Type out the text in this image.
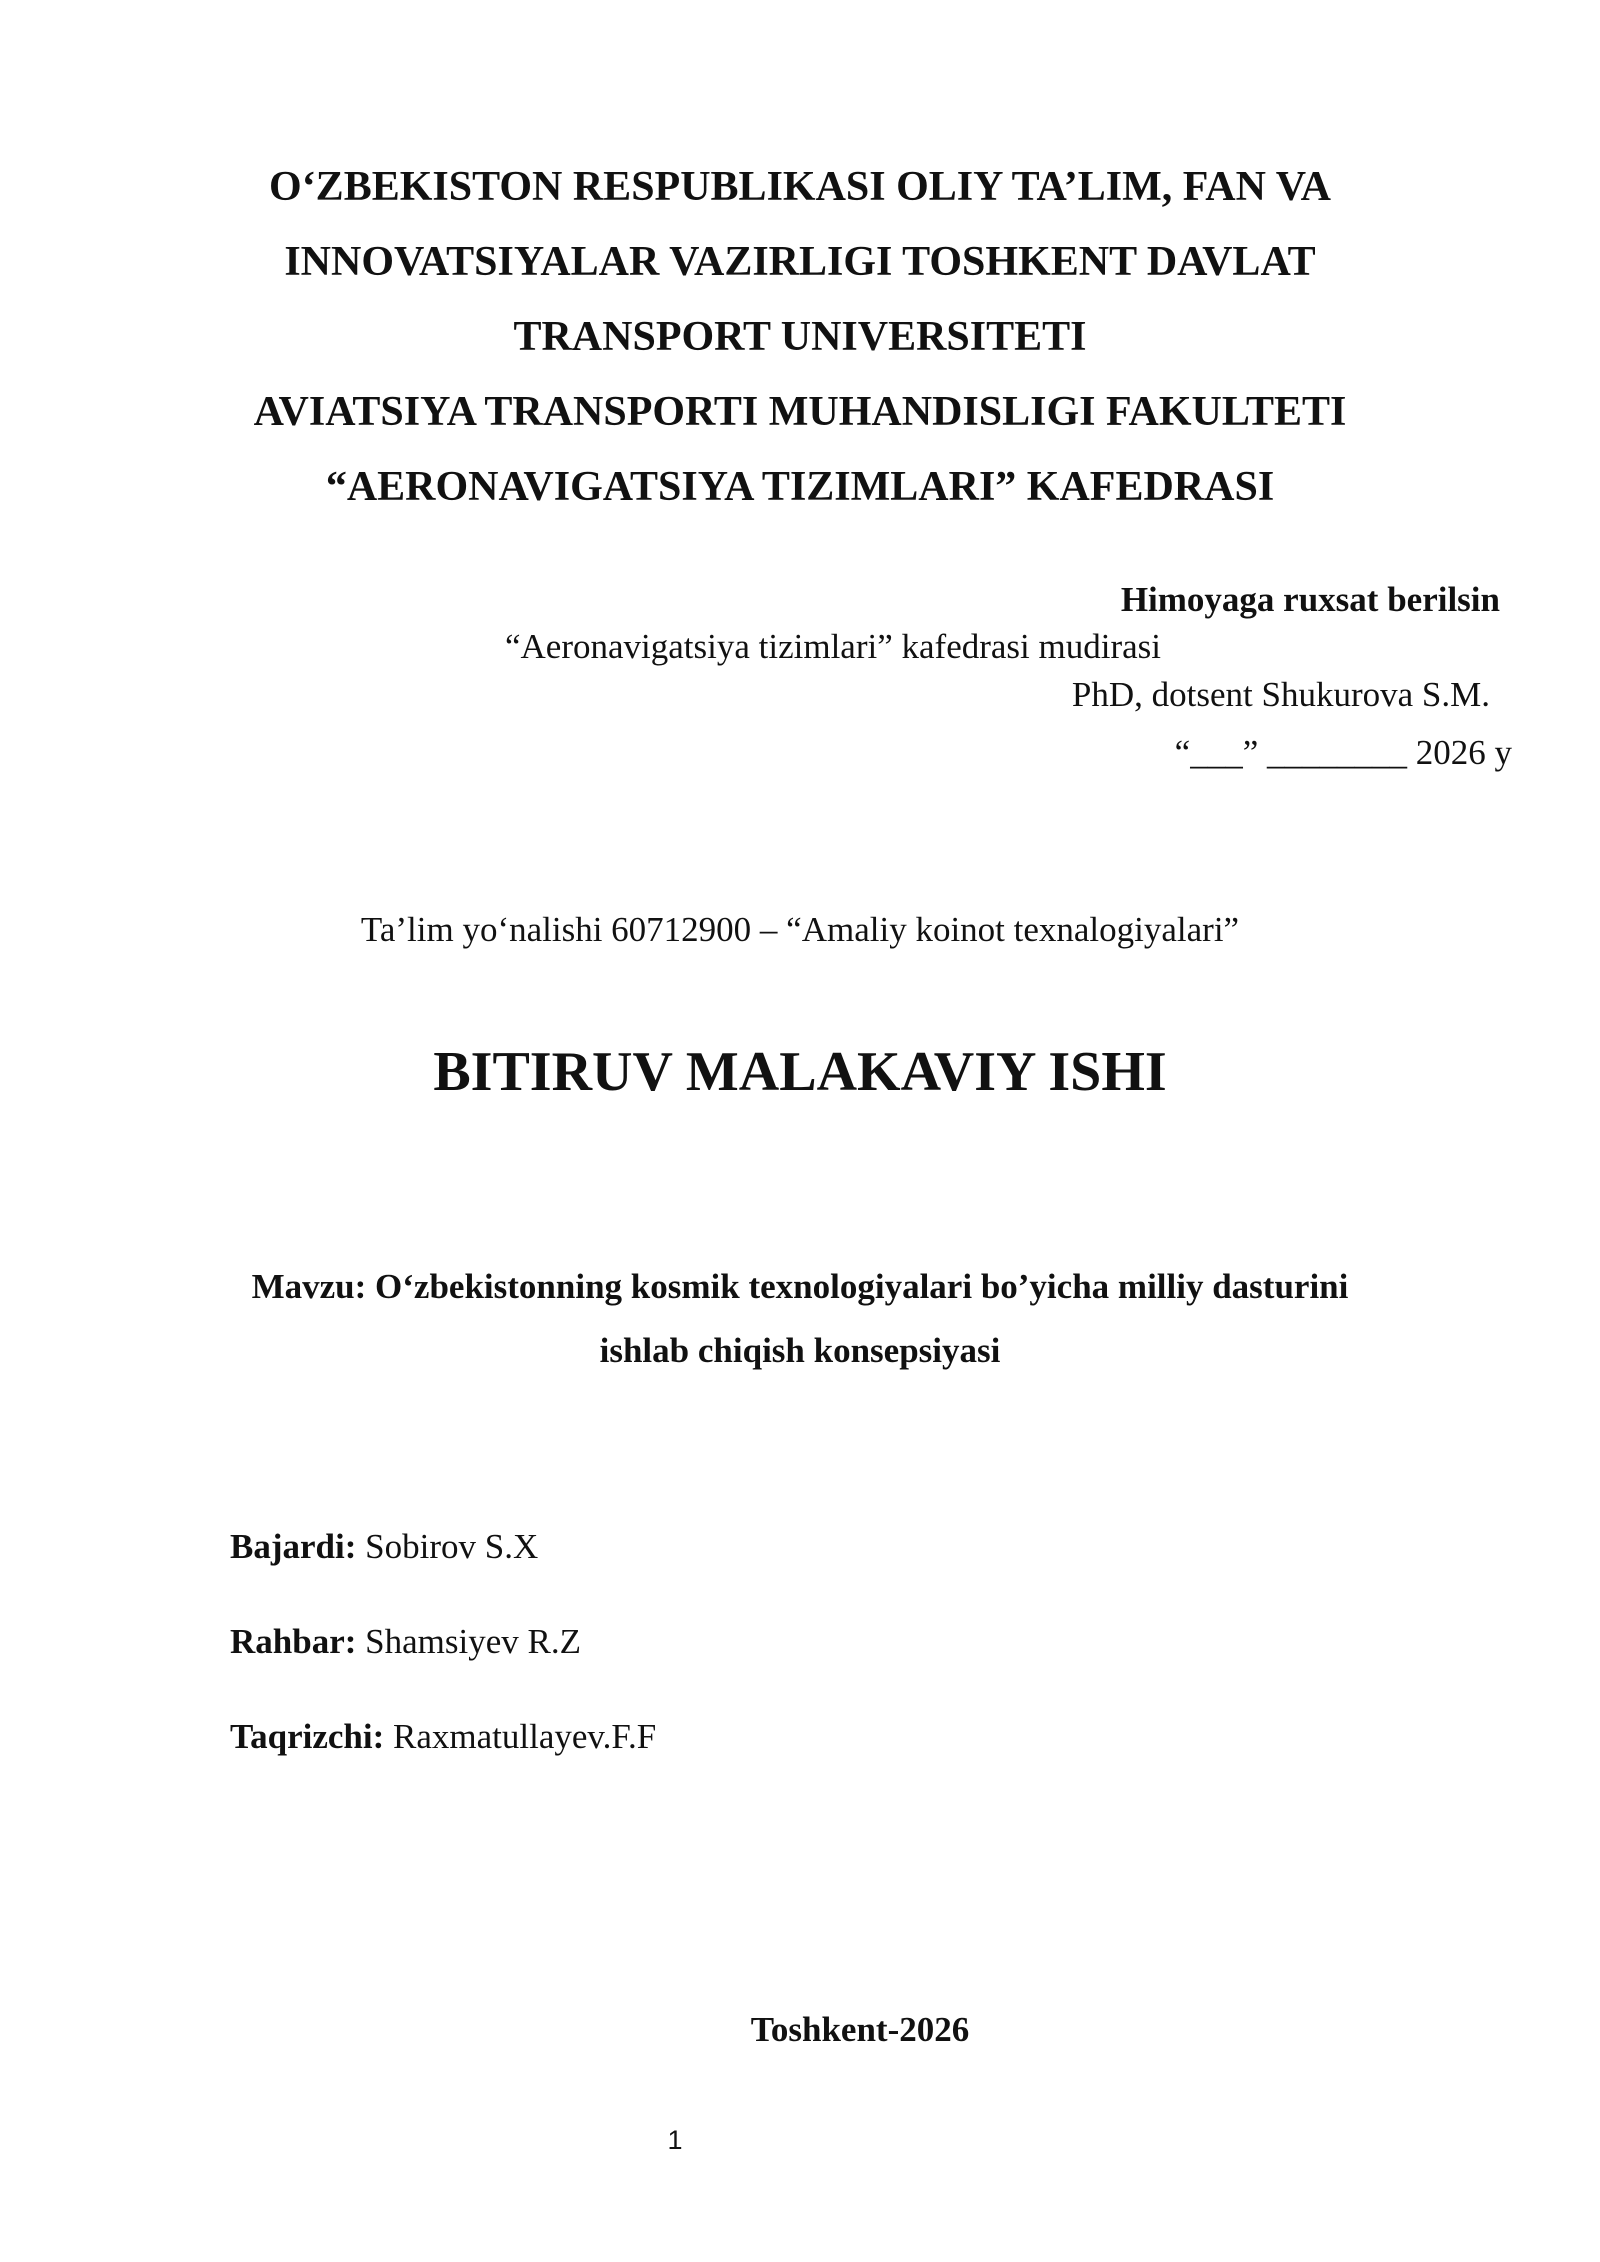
O‘ZBEKISTON RESPUBLIKASI OLIY TA’LIM, FAN VA
INNOVATSIYALAR VAZIRLIGI TOSHKENT DAVLAT
TRANSPORT UNIVERSITETI
AVIATSIYA TRANSPORTI MUHANDISLIGI FAKULTETI
“AERONAVIGATSIYA TIZIMLARI” KAFEDRASI
Himoyaga ruxsat berilsin
“Aeronavigatsiya tizimlari” kafedrasi mudirasi
PhD, dotsent Shukurova S.M.
“___” ________ 2026 y
Ta’lim yo‘nalishi 60712900 – “Amaliy koinot texnalogiyalari”
BITIRUV MALAKAVIY ISHI
Mavzu: O‘zbekistonning kosmik texnologiyalari bo’yicha milliy dasturini
ishlab chiqish konsepsiyasi
Bajardi: Sobirov S.X
Rahbar: Shamsiyev R.Z
Taqrizchi: Raxmatullayev.F.F
Toshkent-2026
1
